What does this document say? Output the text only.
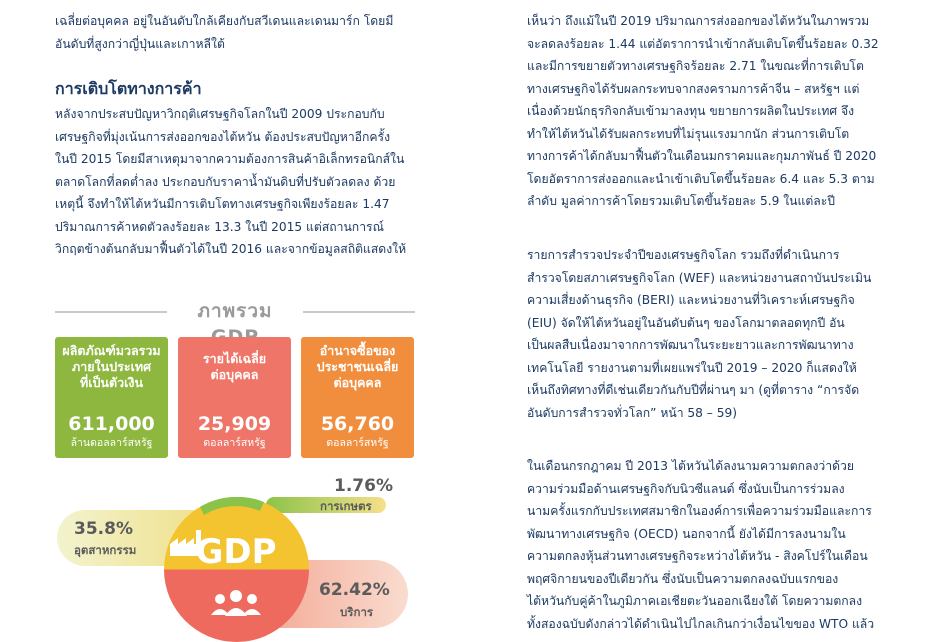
เฉลี่ยต่อบุคคล อยู่ในอันดับใกล้เคียงกับสวีเดนและเดนมาร์ก โดยมี
อันดับที่สูงกว่าญี่ปุ่นและเกาหลีใต้
การเติบโตทางการค้า
หลังจากประสบปัญหาวิกฤติเศรษฐกิจโลกในปี 2009 ประกอบกับ
เศรษฐกิจที่มุ่งเน้นการส่งออกของไต้หวัน ต้องประสบปัญหาอีกครั้ง
ในปี 2015 โดยมีสาเหตุมาจากความต้องการสินค้าอิเล็กทรอนิกส์ใน
ตลาดโลกที่ลดต่ำลง ประกอบกับราคาน้ำมันดิบที่ปรับตัวลดลง ด้วย
เหตุนี้ จึงทำให้ไต้หวันมีการเติบโตทางเศรษฐกิจเพียงร้อยละ 1.47
ปริมาณการค้าหดตัวลงร้อยละ 13.3 ในปี 2015 แต่สถานการณ์
วิกฤตข้างต้นกลับมาฟื้นตัวได้ในปี 2016 และจากข้อมูลสถิติแสดงให้
ภาพรวม
ผลิตภัณฑ์มวลรวม
ภายในประเทศ
ที่เป็นตัวเงิน
611,000
ล้านดอลลาร์สหรัฐ
รายได้เฉลี่ย
ต่อบุคคล
25,909
ดอลลาร์สหรัฐ
อำนาจซื้อของ
ประชาชนเฉลี่ย
ต่อบุคคล
56,760
ดอลลาร์สหรัฐ
GDP
1.76%
การเกษตร
35.8%
อุตสาหกรรม
62.42%
บริการ
เห็นว่า ถึงแม้ในปี 2019 ปริมาณการส่งออกของไต้หวันในภาพรวม
จะลดลงร้อยละ 1.44 แต่อัตราการนำเข้ากลับเติบโตขึ้นร้อยละ 0.32
และมีการขยายตัวทางเศรษฐกิจร้อยละ 2.71 ในขณะที่การเติบโต
ทางเศรษฐกิจได้รับผลกระทบจากสงครามการค้าจีน – สหรัฐฯ แต่
เนื่องด้วยนักธุรกิจกลับเข้ามาลงทุน ขยายการผลิตในประเทศ จึง
ทำให้ไต้หวันได้รับผลกระทบที่ไม่รุนแรงมากนัก ส่วนการเติบโต
ทางการค้าได้กลับมาฟื้นตัวในเดือนมกราคมและกุมภาพันธ์ ปี 2020
โดยอัตราการส่งออกและนำเข้าเติบโตขึ้นร้อยละ 6.4 และ 5.3 ตาม
ลำดับ มูลค่าการค้าโดยรวมเติบโตขึ้นร้อยละ 5.9 ในแต่ละปี
รายการสำรวจประจำปีของเศรษฐกิจโลก รวมถึงที่ดำเนินการ
สำรวจโดยสภาเศรษฐกิจโลก (WEF) และหน่วยงานสถาบันประเมิน
ความเสี่ยงด้านธุรกิจ (BERI) และหน่วยงานที่วิเคราะห์เศรษฐกิจ
(EIU) จัดให้ไต้หวันอยู่ในอันดับต้นๆ ของโลกมาตลอดทุกปี อัน
เป็นผลสืบเนื่องมาจากการพัฒนาในระยะยาวและการพัฒนาทาง
เทคโนโลยี รายงานตามที่เผยแพร่ในปี 2019 – 2020 ก็แสดงให้
เห็นถึงทิศทางที่ดีเช่นเดียวกันกับปีที่ผ่านๆ มา (ดูที่ตาราง “การจัด
อันดับการสำรวจทั่วโลก” หน้า 58 – 59)
ในเดือนกรกฎาคม ปี 2013 ไต้หวันได้ลงนามความตกลงว่าด้วย
ความร่วมมือด้านเศรษฐกิจกับนิวซีแลนด์ ซึ่งนับเป็นการร่วมลง
นามครั้งแรกกับประเทศสมาชิกในองค์การเพื่อความร่วมมือและการ
พัฒนาทางเศรษฐกิจ (OECD) นอกจากนี้ ยังได้มีการลงนามใน
ความตกลงหุ้นส่วนทางเศรษฐกิจระหว่างไต้หวัน - สิงคโปร์ในเดือน
พฤศจิกายนของปีเดียวกัน ซึ่งนับเป็นความตกลงฉบับแรกของ
ไต้หวันกับคู่ค้าในภูมิภาคเอเชียตะวันออกเฉียงใต้ โดยความตกลง
ทั้งสองฉบับดังกล่าวได้ดำเนินไปไกลเกินกว่าเงื่อนไขของ WTO แล้ว
